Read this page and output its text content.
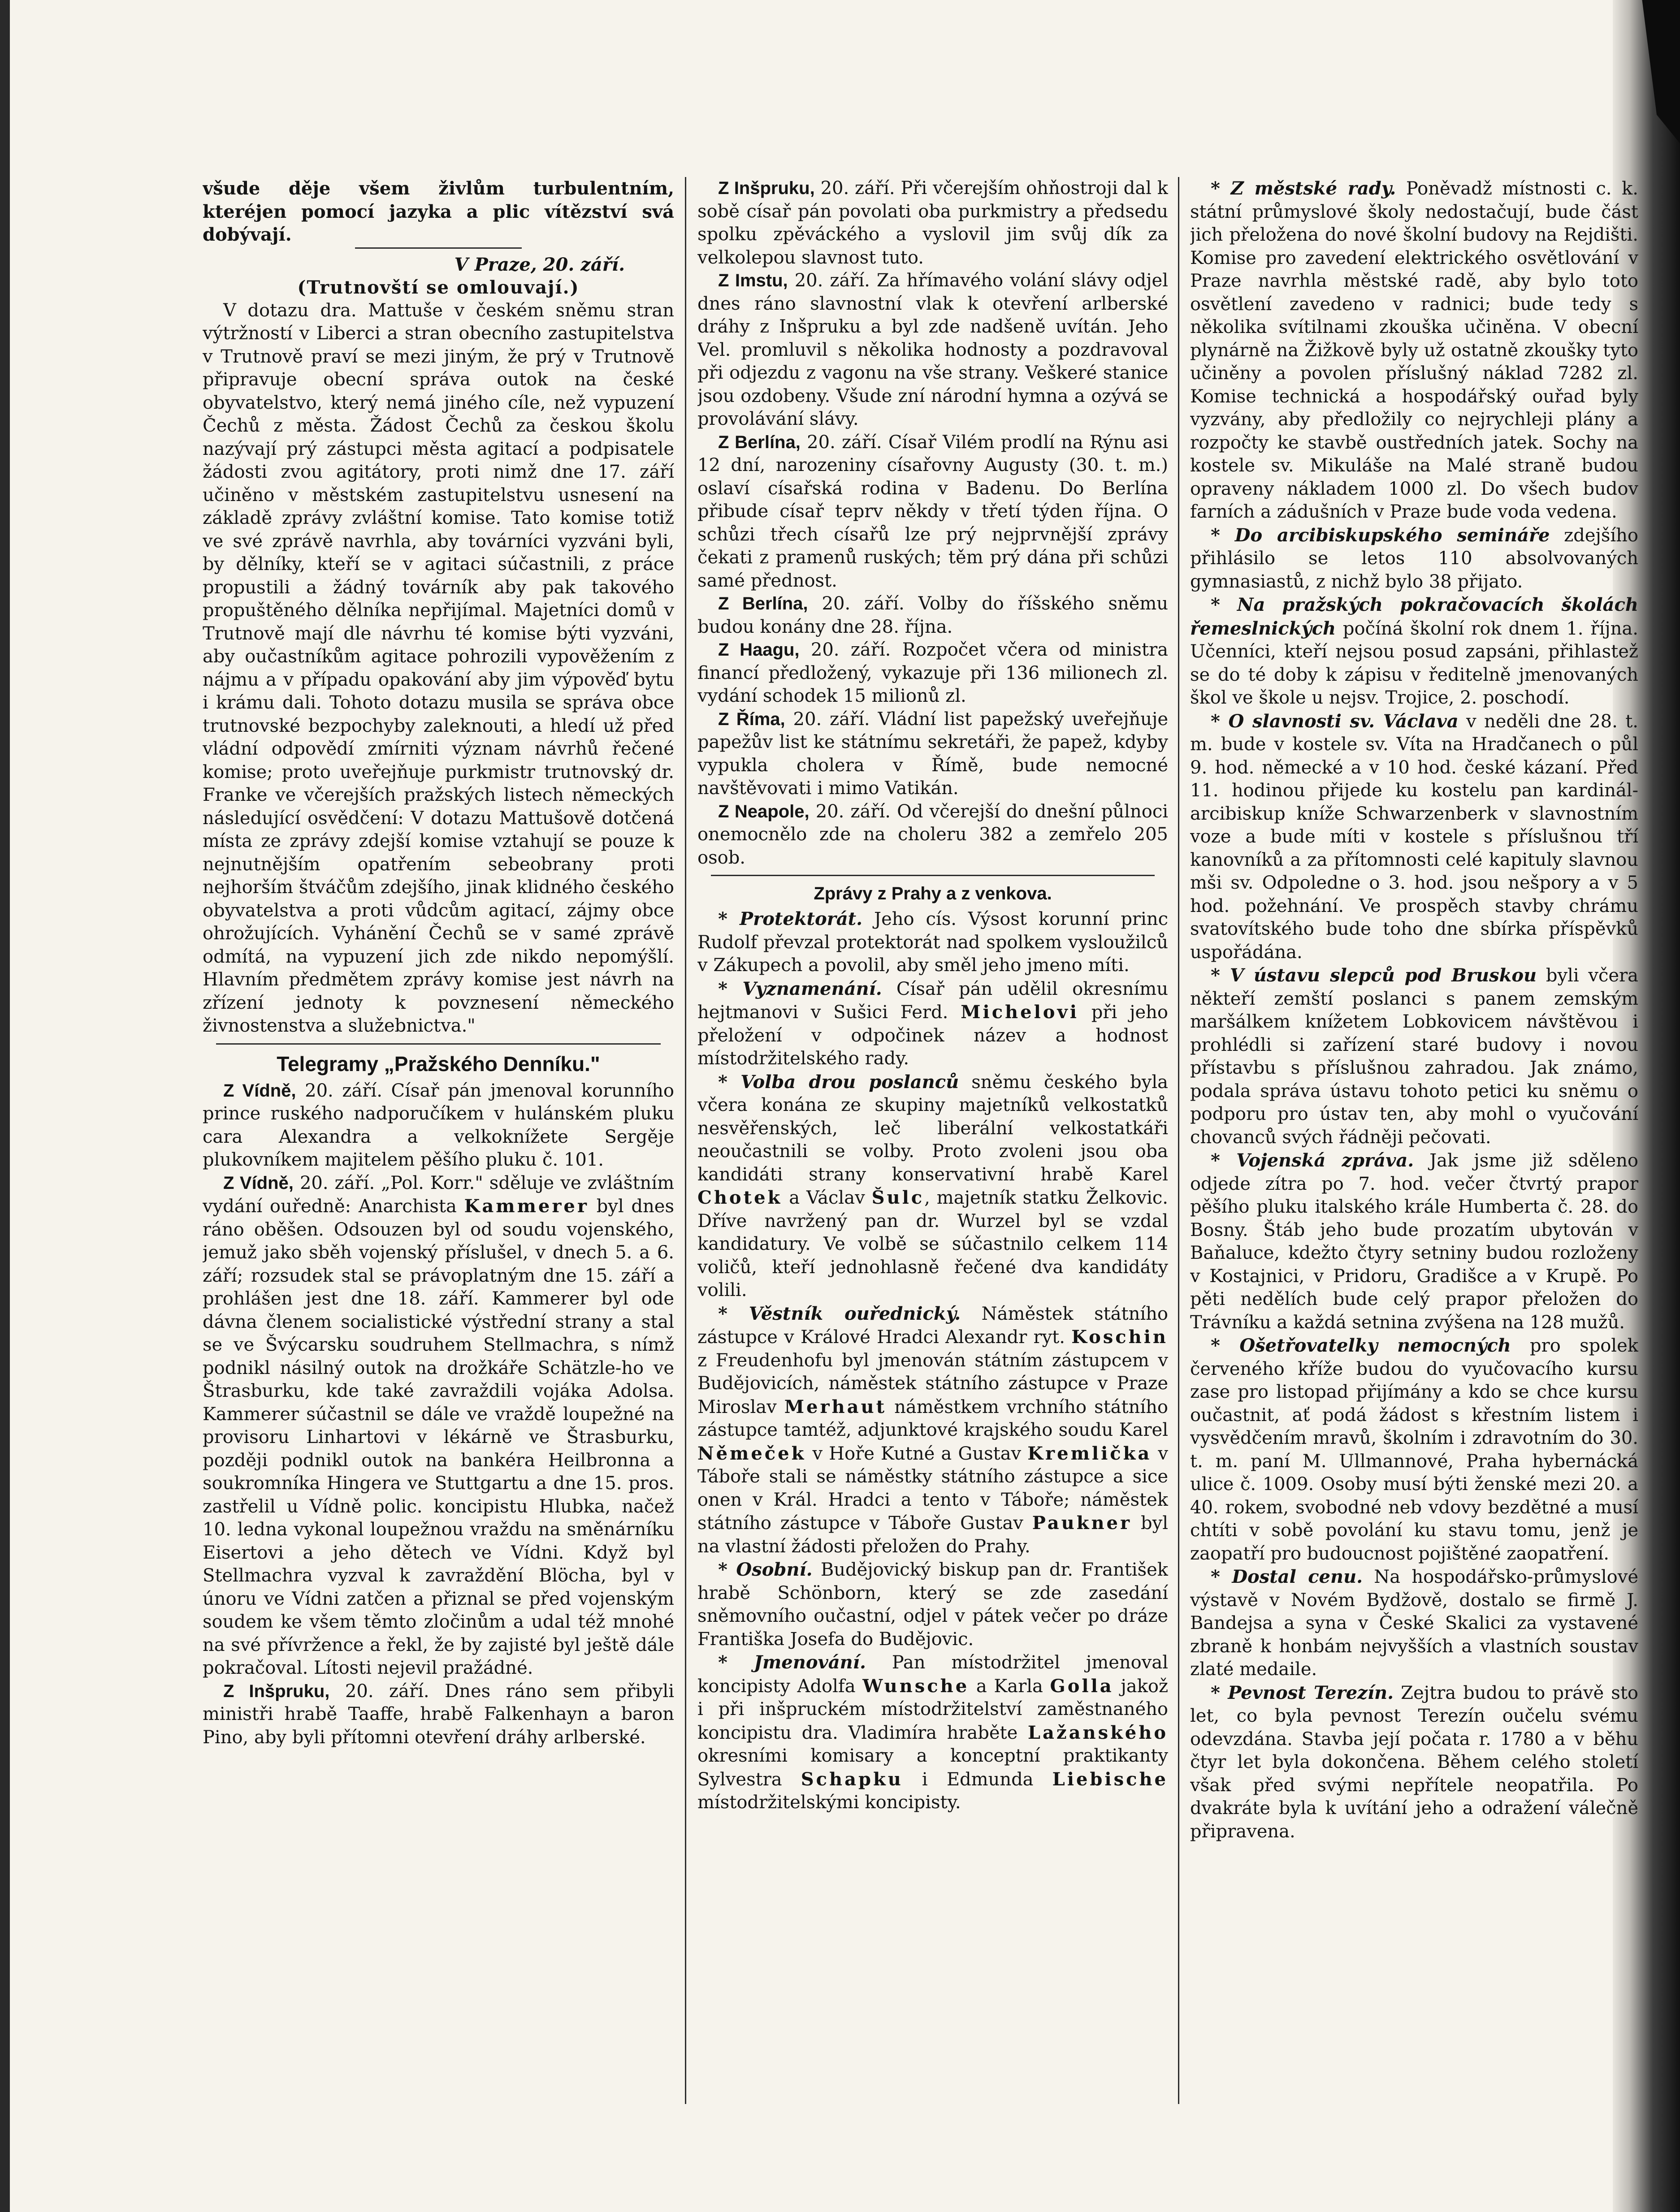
všude děje všem živlům turbulentním, kteréjen pomocí jazyka a plic vítězství svá dobývají.

V Praze, 20. září.
(Trutnovští se omlouvají.)

V dotazu dra. Mattuše v českém sněmu stran výtržností v Liberci a stran obecního zastupitelstva v Trutnově praví se mezi jiným, že prý v Trutnově připravuje obecní správa outok na české obyvatelstvo, který nemá jiného cíle, než vypuzení Čechů z města. Žádost Čechů za českou školu nazývají prý zástupci města agitací a podpisatele žádosti zvou agitátory, proti nimž dne 17. září učiněno v městském zastupitelstvu usnesení na základě zprávy zvláštní komise. Tato komise totiž ve své zprávě navrhla, aby továrníci vyzváni byli, by dělníky, kteří se v agitaci súčastnili, z práce propustili a žádný továrník aby pak takového propuštěného dělníka nepřijímal. Majetníci domů v Trutnově mají dle návrhu té komise býti vyzváni, aby oučastníkům agitace pohrozili vypověžením z nájmu a v případu opakování aby jim výpověď bytu i krámu dali. Tohoto dotazu musila se správa obce trutnovské bezpochyby zaleknouti, a hledí už před vládní odpovědí zmírniti význam návrhů řečené komise; proto uveřejňuje purkmistr trutnovský dr. Franke ve včerejších pražských listech německých následující osvědčení: V dotazu Mattušově dotčená místa ze zprávy zdejší komise vztahují se pouze k nejnutnějším opatřením sebeobrany proti nejhorším štváčům zdejšího, jinak klidného českého obyvatelstva a proti vůdcům agitací, zájmy obce ohrožujících. Vyhánění Čechů se v samé zprávě odmítá, na vypuzení jich zde nikdo nepomýšlí. Hlavním předmětem zprávy komise jest návrh na zřízení jednoty k povznesení německého živnostenstva a služebnictva."

Telegramy „Pražského Denníku."

Z Vídně, 20. září. Císař pán jmenoval korunního prince ruského nadporučíkem v hulánském pluku cara Alexandra a velkoknížete Sergěje plukovníkem majitelem pěšího pluku č. 101.

Z Vídně, 20. září. „Pol. Korr." sděluje ve zvláštním vydání ouředně: Anarchista Kammerer byl dnes ráno oběšen. Odsouzen byl od soudu vojenského, jemuž jako sběh vojenský příslušel, v dnech 5. a 6. září; rozsudek stal se právoplatným dne 15. září a prohlášen jest dne 18. září. Kammerer byl ode dávna členem socialistické výstřední strany a stal se ve Švýcarsku soudruhem Stellmachra, s nímž podnikl násilný outok na drožkáře Schätzle-ho ve Štrasburku, kde také zavraždili vojáka Adolsa. Kammerer súčastnil se dále ve vraždě loupežné na provisoru Linhartovi v lékárně ve Štrasburku, později podnikl outok na bankéra Heilbronna a soukromníka Hingera ve Stuttgartu a dne 15. pros. zastřelil u Vídně polic. koncipistu Hlubka, načež 10. ledna vykonal loupežnou vraždu na směnárníku Eisertovi a jeho dětech ve Vídni. Když byl Stellmachra vyzval k zavraždění Blöcha, byl v únoru ve Vídni zatčen a přiznal se před vojenským soudem ke všem těmto zločinům a udal též mnohé na své přívržence a řekl, že by zajisté byl ještě dále pokračoval. Lítosti nejevil pražádné.

Z Inšpruku, 20. září. Dnes ráno sem přibyli ministři hrabě Taaffe, hrabě Falkenhayn a baron Pino, aby byli přítomni otevření dráhy arlberské.

Z Inšpruku, 20. září. Při včerejším ohňostroji dal k sobě císař pán povolati oba purkmistry a předsedu spolku zpěváckého a vyslovil jim svůj dík za velkolepou slavnost tuto.

Z Imstu, 20. září. Za hřímavého volání slávy odjel dnes ráno slavnostní vlak k otevření arlberské dráhy z Inšpruku a byl zde nadšeně uvítán. Jeho Vel. promluvil s několika hodnosty a pozdravoval při odjezdu z vagonu na vše strany. Veškeré stanice jsou ozdobeny. Všude zní národní hymna a ozývá se provolávání slávy.

Z Berlína, 20. září. Císař Vilém prodlí na Rýnu asi 12 dní, narozeniny císařovny Augusty (30. t. m.) oslaví císařská rodina v Badenu. Do Berlína přibude císař teprv někdy v třetí týden října. O schůzi třech císařů lze prý nejprvnější zprávy čekati z pramenů ruských; těm prý dána při schůzi samé přednost.

Z Berlína, 20. září. Volby do říšského sněmu budou konány dne 28. října.

Z Haagu, 20. září. Rozpočet včera od ministra financí předložený, vykazuje při 136 milionech zl. vydání schodek 15 milionů zl.

Z Říma, 20. září. Vládní list papežský uveřejňuje papežův list ke státnímu sekretáři, že papež, kdyby vypukla cholera v Římě, bude nemocné navštěvovati i mimo Vatikán.

Z Neapole, 20. září. Od včerejší do dnešní půlnoci onemocnělo zde na choleru 382 a zemřelo 205 osob.

Zprávy z Prahy a z venkova.

* Protektorát. Jeho cís. Výsost korunní princ Rudolf převzal protektorát nad spolkem vysloužilců v Zákupech a povolil, aby směl jeho jmeno míti.

* Vyznamenání. Císař pán udělil okresnímu hejtmanovi v Sušici Ferd. Michelovi při jeho přeložení v odpočinek název a hodnost místodržitelského rady.

* Volba drou poslanců sněmu českého byla včera konána ze skupiny majetníků velkostatků nesvěřenských, leč liberální velkostatkáři neoučastnili se volby. Proto zvoleni jsou oba kandidáti strany konservativní hrabě Karel Chotek a Václav Šulc, majetník statku Želkovic. Dříve navržený pan dr. Wurzel byl se vzdal kandidatury. Ve volbě se súčastnilo celkem 114 voličů, kteří jednohlasně řečené dva kandidáty volili.

* Věstník ouřednický. Náměstek státního zástupce v Králové Hradci Alexandr ryt. Koschin z Freudenhofu byl jmenován státním zástupcem v Budějovicích, náměstek státního zástupce v Praze Miroslav Merhaut náměstkem vrchního státního zástupce tamtéž, adjunktové krajského soudu Karel Němeček v Hoře Kutné a Gustav Kremlička v Táboře stali se náměstky státního zástupce a sice onen v Král. Hradci a tento v Táboře; náměstek státního zástupce v Táboře Gustav Paukner byl na vlastní žádosti přeložen do Prahy.

* Osobní. Budějovický biskup pan dr. František hrabě Schönborn, který se zde zasedání sněmovního oučastní, odjel v pátek večer po dráze Františka Josefa do Budějovic.

* Jmenování. Pan místodržitel jmenoval koncipisty Adolfa Wunsche a Karla Golla jakož i při inšpruckém místodržitelství zaměstnaného koncipistu dra. Vladimíra hraběte Lažanského okresními komisary a konceptní praktikanty Sylvestra Schapku i Edmunda Liebische místodržitelskými koncipisty.

* Z městské rady. Poněvadž místnosti c. k. státní průmyslové školy nedostačují, bude část jich přeložena do nové školní budovy na Rejdišti. Komise pro zavedení elektrického osvětlování v Praze navrhla městské radě, aby bylo toto osvětlení zavedeno v radnici; bude tedy s několika svítilnami zkouška učiněna. V obecní plynárně na Žižkově byly už ostatně zkoušky tyto učiněny a povolen příslušný náklad 7282 zl. Komise technická a hospodářský ouřad byly vyzvány, aby předložily co nejrychleji plány a rozpočty ke stavbě oustředních jatek. Sochy na kostele sv. Mikuláše na Malé straně budou opraveny nákladem 1000 zl. Do všech budov farních a zádušních v Praze bude voda vedena.

* Do arcibiskupského semináře zdejšího přihlásilo se letos 110 absolvovaných gymnasiastů, z nichž bylo 38 přijato.

* Na pražských pokračovacích školách řemeslnických počíná školní rok dnem 1. října. Učenníci, kteří nejsou posud zapsáni, přihlastež se do té doby k zápisu v ředitelně jmenovaných škol ve škole u nejsv. Trojice, 2. poschodí.

* O slavnosti sv. Václava v neděli dne 28. t. m. bude v kostele sv. Víta na Hradčanech o půl 9. hod. německé a v 10 hod. české kázaní. Před 11. hodinou přijede ku kostelu pan kardinál-arcibiskup kníže Schwarzenberk v slavnostním voze a bude míti v kostele s příslušnou tří kanovníků a za přítomnosti celé kapituly slavnou mši sv. Odpoledne o 3. hod. jsou nešpory a v 5 hod. požehnání. Ve prospěch stavby chrámu svatovítského bude toho dne sbírka příspěvků uspořádána.

* V ústavu slepců pod Bruskou byli včera někteří zemští poslanci s panem zemským maršálkem knížetem Lobkovicem návštěvou i prohlédli si zařízení staré budovy i novou přístavbu s příslušnou zahradou. Jak známo, podala správa ústavu tohoto petici ku sněmu o podporu pro ústav ten, aby mohl o vyučování chovanců svých řádněji pečovati.

* Vojenská zpráva. Jak jsme již sděleno odjede zítra po 7. hod. večer čtvrtý prapor pěšího pluku italského krále Humberta č. 28. do Bosny. Štáb jeho bude prozatím ubytován v Baňaluce, kdežto čtyry setniny budou rozloženy v Kostajnici, v Pridoru, Gradišce a v Krupě. Po pěti nedělích bude celý prapor přeložen do Trávníku a každá setnina zvýšena na 128 mužů.

* Ošetřovatelky nemocných pro spolek červeného kříže budou do vyučovacího kursu zase pro listopad přijímány a kdo se chce kursu oučastnit, ať podá žádost s křestním listem i vysvědčením mravů, školním i zdravotním do 30. t. m. paní M. Ullmannové, Praha hybernácká ulice č. 1009. Osoby musí býti ženské mezi 20. a 40. rokem, svobodné neb vdovy bezdětné a musí chtíti v sobě povolání ku stavu tomu, jenž je zaopatří pro budoucnost pojištěné zaopatření.

* Dostal cenu. Na hospodářsko-průmyslové výstavě v Novém Bydžově, dostalo se firmě J. Bandejsa a syna v České Skalici za vystavené zbraně k honbám nejvyšších a vlastních soustav zlaté medaile.

* Pevnost Terezín. Zejtra budou to právě sto let, co byla pevnost Terezín oučelu svému odevzdána. Stavba její počata r. 1780 a v běhu čtyr let byla dokončena. Během celého století však před svými nepřítele neopatřila. Po dvakráte byla k uvítání jeho a odražení válečně připravena.
